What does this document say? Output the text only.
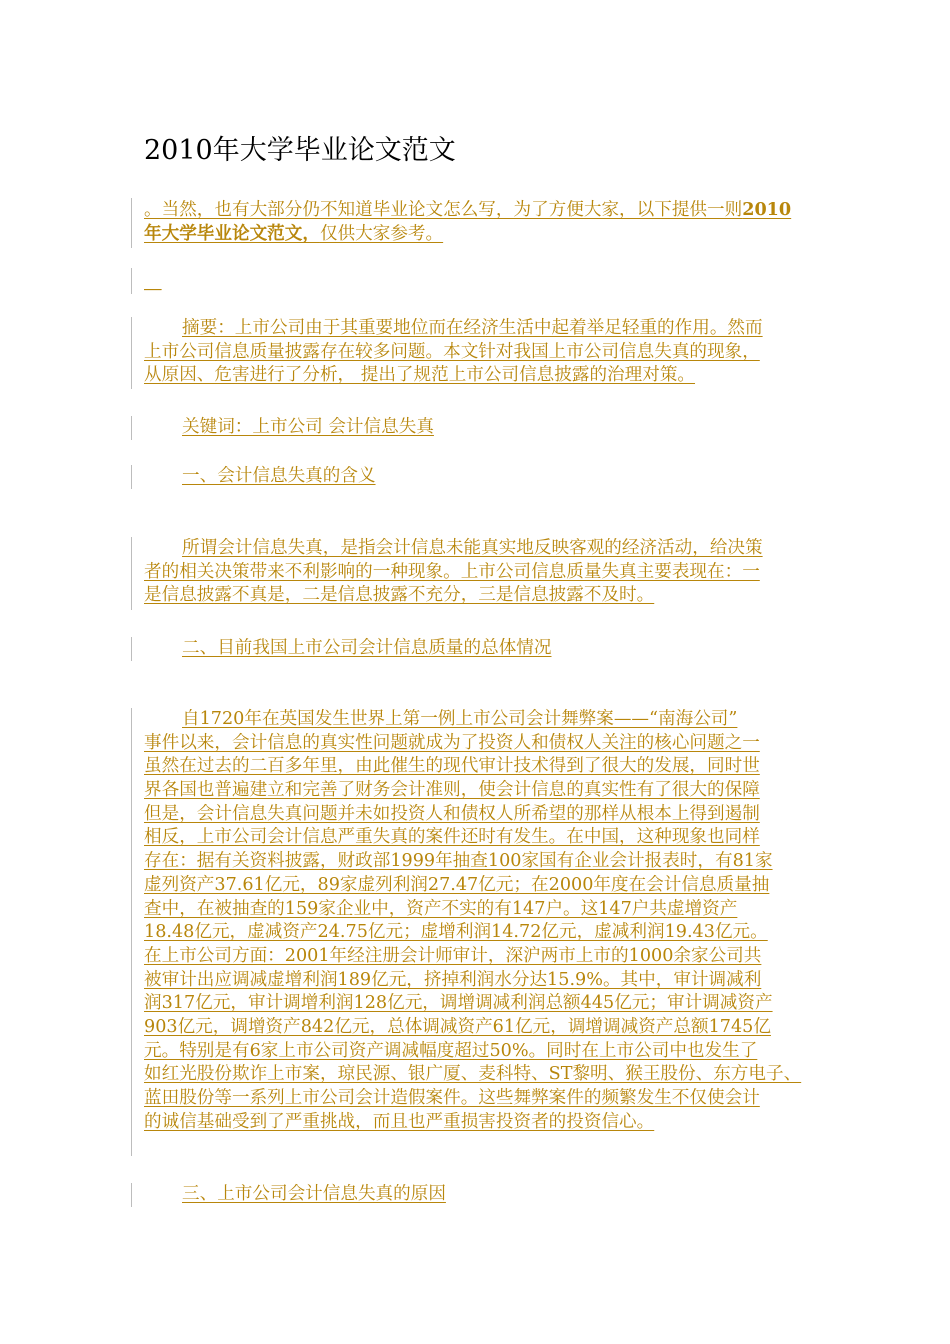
2010年大学毕业论文范文
。当然，也有大部分仍不知道毕业论文怎么写，为了方便大家，以下提供一则2010
年大学毕业论文范文，仅供大家参考。
__
摘要：上市公司由于其重要地位而在经济生活中起着举足轻重的作用。然而
上市公司信息质量披露存在较多问题。本文针对我国上市公司信息失真的现象，
从原因、危害进行了分析， 提出了规范上市公司信息披露的治理对策。
关键词：上市公司 会计信息失真
一、会计信息失真的含义
所谓会计信息失真，是指会计信息未能真实地反映客观的经济活动，给决策
者的相关决策带来不利影响的一种现象。上市公司信息质量失真主要表现在：一
是信息披露不真是，二是信息披露不充分，三是信息披露不及时。
二、目前我国上市公司会计信息质量的总体情况
自1720年在英国发生世界上第一例上市公司会计舞弊案——“南海公司”
事件以来，会计信息的真实性问题就成为了投资人和债权人关注的核心问题之一
虽然在过去的二百多年里，由此催生的现代审计技术得到了很大的发展，同时世
界各国也普遍建立和完善了财务会计准则，使会计信息的真实性有了很大的保障
但是，会计信息失真问题并未如投资人和债权人所希望的那样从根本上得到遏制
相反，上市公司会计信息严重失真的案件还时有发生。在中国，这种现象也同样
存在：据有关资料披露，财政部1999年抽查100家国有企业会计报表时，有81家
虚列资产37.61亿元，89家虚列利润27.47亿元；在2000年度在会计信息质量抽
查中，在被抽查的159家企业中，资产不实的有147户。这147户共虚增资产
18.48亿元，虚减资产24.75亿元；虚增利润14.72亿元，虚减利润19.43亿元。
在上市公司方面：2001年经注册会计师审计，深沪两市上市的1000余家公司共
被审计出应调减虚增利润189亿元，挤掉利润水分达15.9%。其中，审计调减利
润317亿元，审计调增利润128亿元，调增调减利润总额445亿元；审计调减资产
903亿元，调增资产842亿元，总体调减资产61亿元，调增调减资产总额1745亿
元。特别是有6家上市公司资产调减幅度超过50%。同时在上市公司中也发生了
如红光股份欺诈上市案，琼民源、银广厦、麦科特、ST黎明、猴王股份、东方电子、
蓝田股份等一系列上市公司会计造假案件。这些舞弊案件的频繁发生不仅使会计
的诚信基础受到了严重挑战，而且也严重损害投资者的投资信心。
三、上市公司会计信息失真的原因
